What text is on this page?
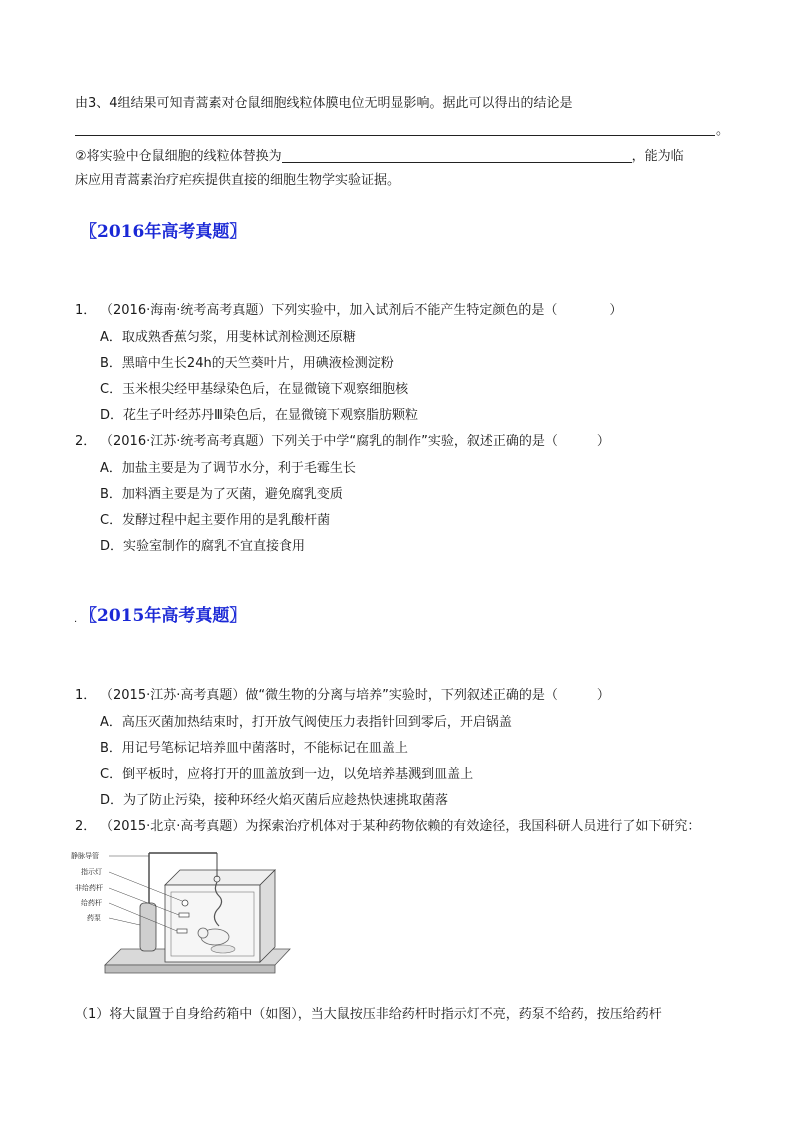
由3、4组结果可知青蒿素对仓鼠细胞线粒体膜电位无明显影响。据此可以得出的结论是
。
②将实验中仓鼠细胞的线粒体替换为	，能为临
床应用青蒿素治疗疟疾提供直接的细胞生物学实验证据。
〖2016年高考真题〗
1． （2016·海南·统考高考真题）下列实验中，加入试剂后不能产生特定颜色的是（　　　　）
A．取成熟香蕉匀浆，用斐林试剂检测还原糖
B．黑暗中生长24h的天竺葵叶片，用碘液检测淀粉
C．玉米根尖经甲基绿染色后，在显微镜下观察细胞核
D．花生子叶经苏丹Ⅲ染色后，在显微镜下观察脂肪颗粒
2． （2016·江苏·统考高考真题）下列关于中学“腐乳的制作”实验，叙述正确的是（　　　）
A．加盐主要是为了调节水分，利于毛霉生长
B．加料酒主要是为了灭菌，避免腐乳变质
C．发酵过程中起主要作用的是乳酸杆菌
D．实验室制作的腐乳不宜直接食用
. 〖2015年高考真题〗
1． （2015·江苏·高考真题）做“微生物的分离与培养”实验时，下列叙述正确的是（　　　）
A．高压灭菌加热结束时，打开放气阀使压力表指针回到零后，开启锅盖
B．用记号笔标记培养皿中菌落时，不能标记在皿盖上
C．倒平板时，应将打开的皿盖放到一边，以免培养基溅到皿盖上
D．为了防止污染，接种环经火焰灭菌后应趁热快速挑取菌落
2． （2015·北京·高考真题）为探索治疗机体对于某种药物依赖的有效途径，我国科研人员进行了如下研究：
静脉导管
指示灯
非给药杆
给药杆
药泵
（1）将大鼠置于自身给药箱中（如图），当大鼠按压非给药杆时指示灯不亮，药泵不给药，按压给药杆
